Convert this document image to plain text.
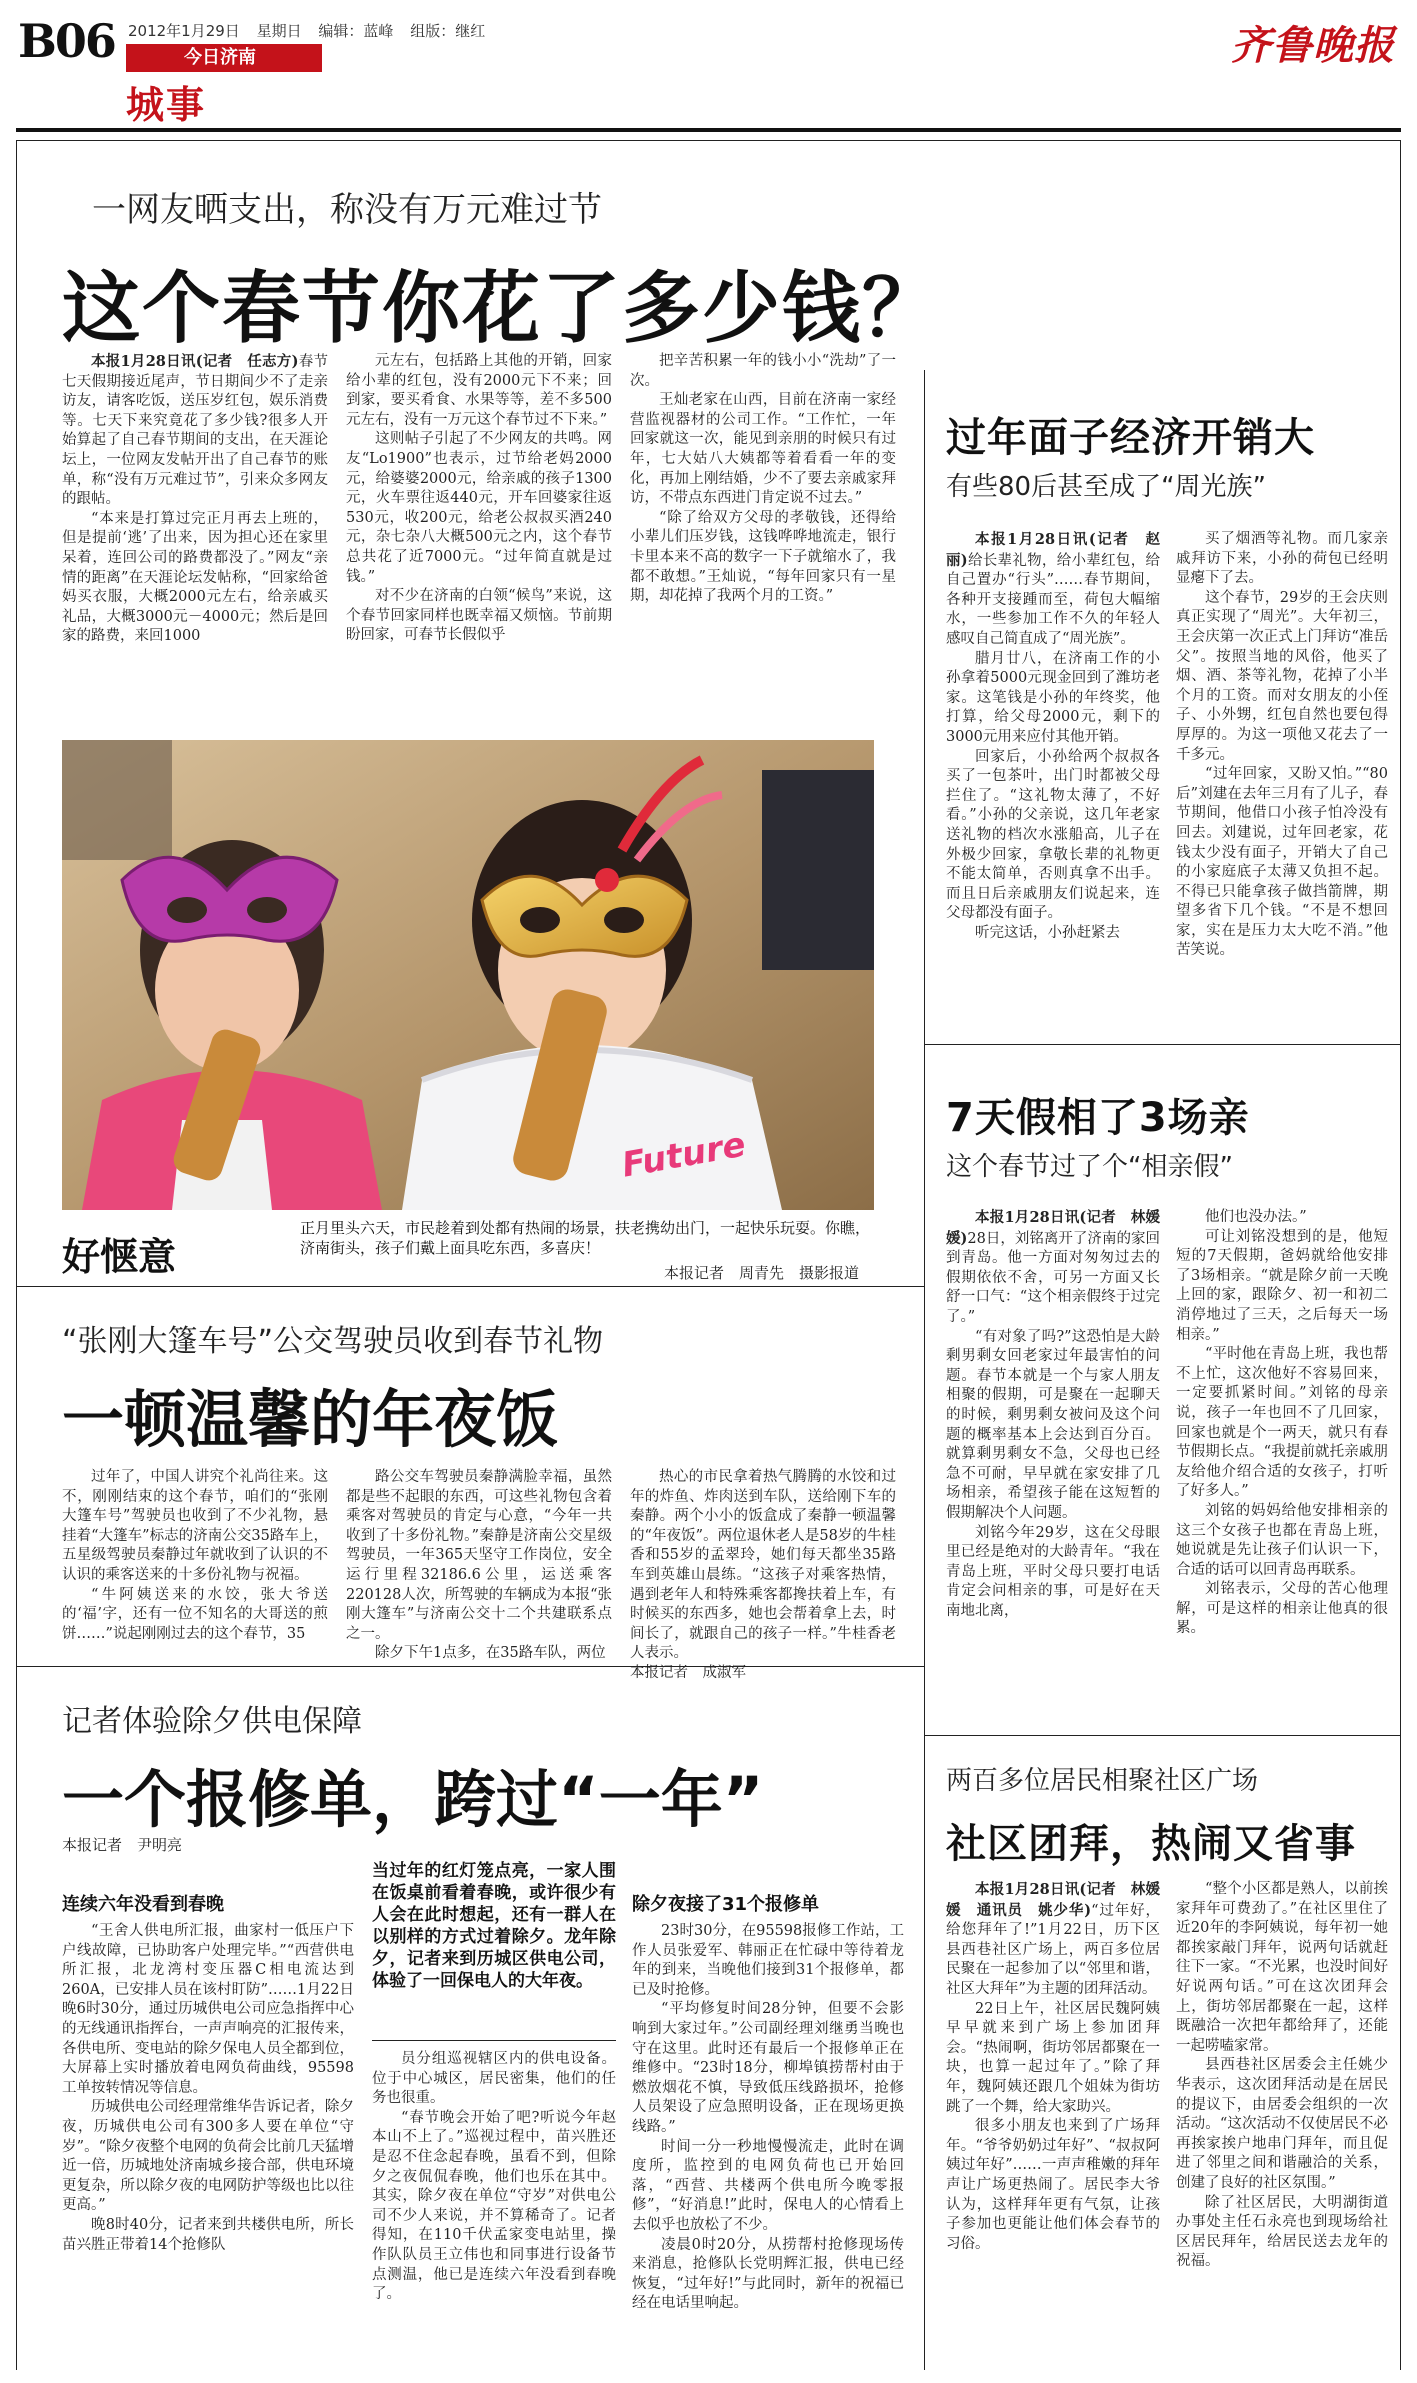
B06 2012年1月29日 星期日 编辑：蓝峰 组版：继红
今日济南
城事
齐鲁晚报
一网友晒支出，称没有万元难过节
这个春节你花了多少钱？

本报1月28日讯(记者　任志方)春节七天假期接近尾声，节日期间少不了走亲访友，请客吃饭，送压岁红包，娱乐消费等。七天下来究竟花了多少钱?很多人开始算起了自己春节期间的支出，在天涯论坛上，一位网友发帖开出了自己春节的账单，称“没有万元难过节”，引来众多网友的跟帖。

“本来是打算过完正月再去上班的，但是提前‘逃’了出来，因为担心还在家里呆着，连回公司的路费都没了。”网友“亲情的距离”在天涯论坛发帖称，“回家给爸妈买衣服，大概2000元左右，给亲戚买礼品，大概3000元－4000元；然后是回家的路费，来回1000

元左右，包括路上其他的开销，回家给小辈的红包，没有2000元下不来；回到家，要买肴食、水果等等，差不多500元左右，没有一万元这个春节过不下来。”

这则帖子引起了不少网友的共鸣。网友“Lo1900”也表示，过节给老妈2000元，给婆婆2000元，给亲戚的孩子1300元，火车票往返440元，开车回婆家往返530元，收200元，给老公叔叔买酒240元，杂七杂八大概500元之内，这个春节总共花了近7000元。“过年简直就是过钱。”

对不少在济南的白领“候鸟”来说，这个春节回家同样也既幸福又烦恼。节前期盼回家，可春节长假似乎

把辛苦积累一年的钱小小“洗劫”了一次。

王灿老家在山西，目前在济南一家经营监视器材的公司工作。“工作忙，一年回家就这一次，能见到亲朋的时候只有过年，七大姑八大姨都等着看看一年的变化，再加上刚结婚，少不了要去亲戚家拜访，不带点东西进门肯定说不过去。”

“除了给双方父母的孝敬钱，还得给小辈儿们压岁钱，这钱哗哗地流走，银行卡里本来不高的数字一下子就缩水了，我都不敢想。”王灿说，“每年回家只有一星期，却花掉了我两个月的工资。”

Future
好惬意
正月里头六天，市民趁着到处都有热闹的场景，扶老携幼出门，一起快乐玩耍。你瞧，济南街头，孩子们戴上面具吃东西，多喜庆！
本报记者　周青先　摄影报道
过年面子经济开销大
有些80后甚至成了“周光族”

本报1月28日讯(记者　赵丽)给长辈礼物，给小辈红包，给自己置办“行头”……春节期间，各种开支接踵而至，荷包大幅缩水，一些参加工作不久的年轻人感叹自己简直成了“周光族”。

腊月廿八，在济南工作的小孙拿着5000元现金回到了潍坊老家。这笔钱是小孙的年终奖，他打算，给父母2000元，剩下的3000元用来应付其他开销。

回家后，小孙给两个叔叔各买了一包茶叶，出门时都被父母拦住了。“这礼物太薄了，不好看。”小孙的父亲说，这几年老家送礼物的档次水涨船高，儿子在外极少回家，拿敬长辈的礼物更不能太简单，否则真拿不出手。而且日后亲戚朋友们说起来，连父母都没有面子。

听完这话，小孙赶紧去

买了烟酒等礼物。而几家亲戚拜访下来，小孙的荷包已经明显瘪下了去。

这个春节，29岁的王会庆则真正实现了“周光”。大年初三，王会庆第一次正式上门拜访“准岳父”。按照当地的风俗，他买了烟、酒、茶等礼物，花掉了小半个月的工资。而对女朋友的小侄子、小外甥，红包自然也要包得厚厚的。为这一项他又花去了一千多元。

“过年回家，又盼又怕。”“80后”刘建在去年三月有了儿子，春节期间，他借口小孩子怕冷没有回去。刘建说，过年回老家，花钱太少没有面子，开销大了自己的小家庭底子太薄又负担不起。不得已只能拿孩子做挡箭牌，期望多省下几个钱。“不是不想回家，实在是压力太大吃不消。”他苦笑说。

7天假相了3场亲
这个春节过了个“相亲假”

本报1月28日讯(记者　林媛媛)28日，刘铭离开了济南的家回到青岛。他一方面对匆匆过去的假期依依不舍，可另一方面又长舒一口气：“这个相亲假终于过完了。”

“有对象了吗?”这恐怕是大龄剩男剩女回老家过年最害怕的问题。春节本就是一个与家人朋友相聚的假期，可是聚在一起聊天的时候，剩男剩女被问及这个问题的概率基本上会达到百分百。就算剩男剩女不急，父母也已经急不可耐，早早就在家安排了几场相亲，希望孩子能在这短暂的假期解决个人问题。

刘铭今年29岁，这在父母眼里已经是绝对的大龄青年。“我在青岛上班，平时父母只要打电话肯定会问相亲的事，可是好在天南地北离，

他们也没办法。”

可让刘铭没想到的是，他短短的7天假期，爸妈就给他安排了3场相亲。“就是除夕前一天晚上回的家，跟除夕、初一和初二消停地过了三天，之后每天一场相亲。”

“平时他在青岛上班，我也帮不上忙，这次他好不容易回来，一定要抓紧时间。”刘铭的母亲说，孩子一年也回不了几回家，回家也就是个一两天，就只有春节假期长点。“我提前就托亲戚朋友给他介绍合适的女孩子，打听了好多人。”

刘铭的妈妈给他安排相亲的这三个女孩子也都在青岛上班，她说就是先让孩子们认识一下，合适的话可以回青岛再联系。

刘铭表示，父母的苦心他理解，可是这样的相亲让他真的很累。

“张刚大篷车号”公交驾驶员收到春节礼物
一顿温馨的年夜饭

过年了，中国人讲究个礼尚往来。这不，刚刚结束的这个春节，咱们的“张刚大篷车号”驾驶员也收到了不少礼物，悬挂着“大篷车”标志的济南公交35路车上，五星级驾驶员秦静过年就收到了认识的不认识的乘客送来的十多份礼物与祝福。

“牛阿姨送来的水饺，张大爷送的‘福’字，还有一位不知名的大哥送的煎饼……”说起刚刚过去的这个春节，35

路公交车驾驶员秦静满脸幸福，虽然都是些不起眼的东西，可这些礼物包含着乘客对驾驶员的肯定与心意，“今年一共收到了十多份礼物。”秦静是济南公交星级驾驶员，一年365天坚守工作岗位，安全运行里程32186.6公里，运送乘客220128人次，所驾驶的车辆成为本报“张刚大篷车”与济南公交十二个共建联系点之一。

除夕下午1点多，在35路车队，两位

热心的市民拿着热气腾腾的水饺和过年的炸鱼、炸肉送到车队，送给刚下车的秦静。两个小小的饭盒成了秦静一顿温馨的“年夜饭”。两位退休老人是58岁的牛桂香和55岁的孟翠玲，她们每天都坐35路车到英雄山晨练。“这孩子对乘客热情，遇到老年人和特殊乘客都搀扶着上车，有时候买的东西多，她也会帮着拿上去，时间长了，就跟自己的孩子一样。”牛桂香老人表示。

本报记者　成淑军

记者体验除夕供电保障
一个报修单，跨过“一年”
本报记者　尹明亮
连续六年没看到春晚

“王舍人供电所汇报，曲家村一低压户下户线故障，已协助客户处理完毕。”“西营供电所汇报，北龙湾村变压器C相电流达到260A，已安排人员在该村盯防”……1月22日晚6时30分，通过历城供电公司应急指挥中心的无线通讯指挥台，一声声响亮的汇报传来，各供电所、变电站的除夕保电人员全都到位，大屏幕上实时播放着电网负荷曲线，95598工单按转情况等信息。

历城供电公司经理常维华告诉记者，除夕夜，历城供电公司有300多人要在单位“守岁”。“除夕夜整个电网的负荷会比前几天猛增近一倍，历城地处济南城乡接合部，供电环境更复杂，所以除夕夜的电网防护等级也比以往更高。”

晚8时40分，记者来到共楼供电所，所长苗兴胜正带着14个抢修队

当过年的红灯笼点亮，一家人围在饭桌前看着春晚，或许很少有人会在此时想起，还有一群人在以别样的方式过着除夕。龙年除夕，记者来到历城区供电公司，体验了一回保电人的大年夜。

员分组巡视辖区内的供电设备。位于中心城区，居民密集，他们的任务也很重。

“春节晚会开始了吧?听说今年赵本山不上了。”巡视过程中，苗兴胜还是忍不住念起春晚，虽看不到，但除夕之夜侃侃春晚，他们也乐在其中。其实，除夕夜在单位“守岁”对供电公司不少人来说，并不算稀奇了。记者得知，在110千伏孟家变电站里，操作队队员王立伟也和同事进行设备节点测温，他已是连续六年没看到春晚了。

除夕夜接了31个报修单

23时30分，在95598报修工作站，工作人员张爱军、韩丽正在忙碌中等待着龙年的到来，当晚他们接到31个报修单，都已及时抢修。

“平均修复时间28分钟，但要不会影响到大家过年。”公司副经理刘继勇当晚也守在这里。此时还有最后一个报修单正在维修中。“23时18分，柳埠镇捞帮村由于燃放烟花不慎，导致低压线路损坏，抢修人员架设了应急照明设备，正在现场更换线路。”

时间一分一秒地慢慢流走，此时在调度所，监控到的电网负荷也已开始回落，“西营、共楼两个供电所今晚零报修”，“好消息!”此时，保电人的心情看上去似乎也放松了不少。

凌晨0时20分，从捞帮村抢修现场传来消息，抢修队长党明辉汇报，供电已经恢复，“过年好!”与此同时，新年的祝福已经在电话里响起。

两百多位居民相聚社区广场
社区团拜，热闹又省事

本报1月28日讯(记者　林媛媛　通讯员　姚少华)“过年好，给您拜年了!”1月22日，历下区县西巷社区广场上，两百多位居民聚在一起参加了以“邻里和谐，社区大拜年”为主题的团拜活动。

22日上午，社区居民魏阿姨早早就来到广场上参加团拜会。“热闹啊，街坊邻居都聚在一块，也算一起过年了。”除了拜年，魏阿姨还跟几个姐妹为街坊跳了一个舞，给大家助兴。

很多小朋友也来到了广场拜年。“爷爷奶奶过年好”、“叔叔阿姨过年好”……一声声稚嫩的拜年声让广场更热闹了。居民李大爷认为，这样拜年更有气氛，让孩子参加也更能让他们体会春节的习俗。

“整个小区都是熟人，以前挨家拜年可费劲了。”在社区里住了近20年的李阿姨说，每年初一她都挨家敲门拜年，说两句话就赶往下一家。“不光累，也没时间好好说两句话。”可在这次团拜会上，街坊邻居都聚在一起，这样既融洽一次把年都给拜了，还能一起唠嗑家常。

县西巷社区居委会主任姚少华表示，这次团拜活动是在居民的提议下，由居委会组织的一次活动。“这次活动不仅使居民不必再挨家挨户地串门拜年，而且促进了邻里之间和谐融洽的关系，创建了良好的社区氛围。”

除了社区居民，大明湖街道办事处主任石永亮也到现场给社区居民拜年，给居民送去龙年的祝福。
